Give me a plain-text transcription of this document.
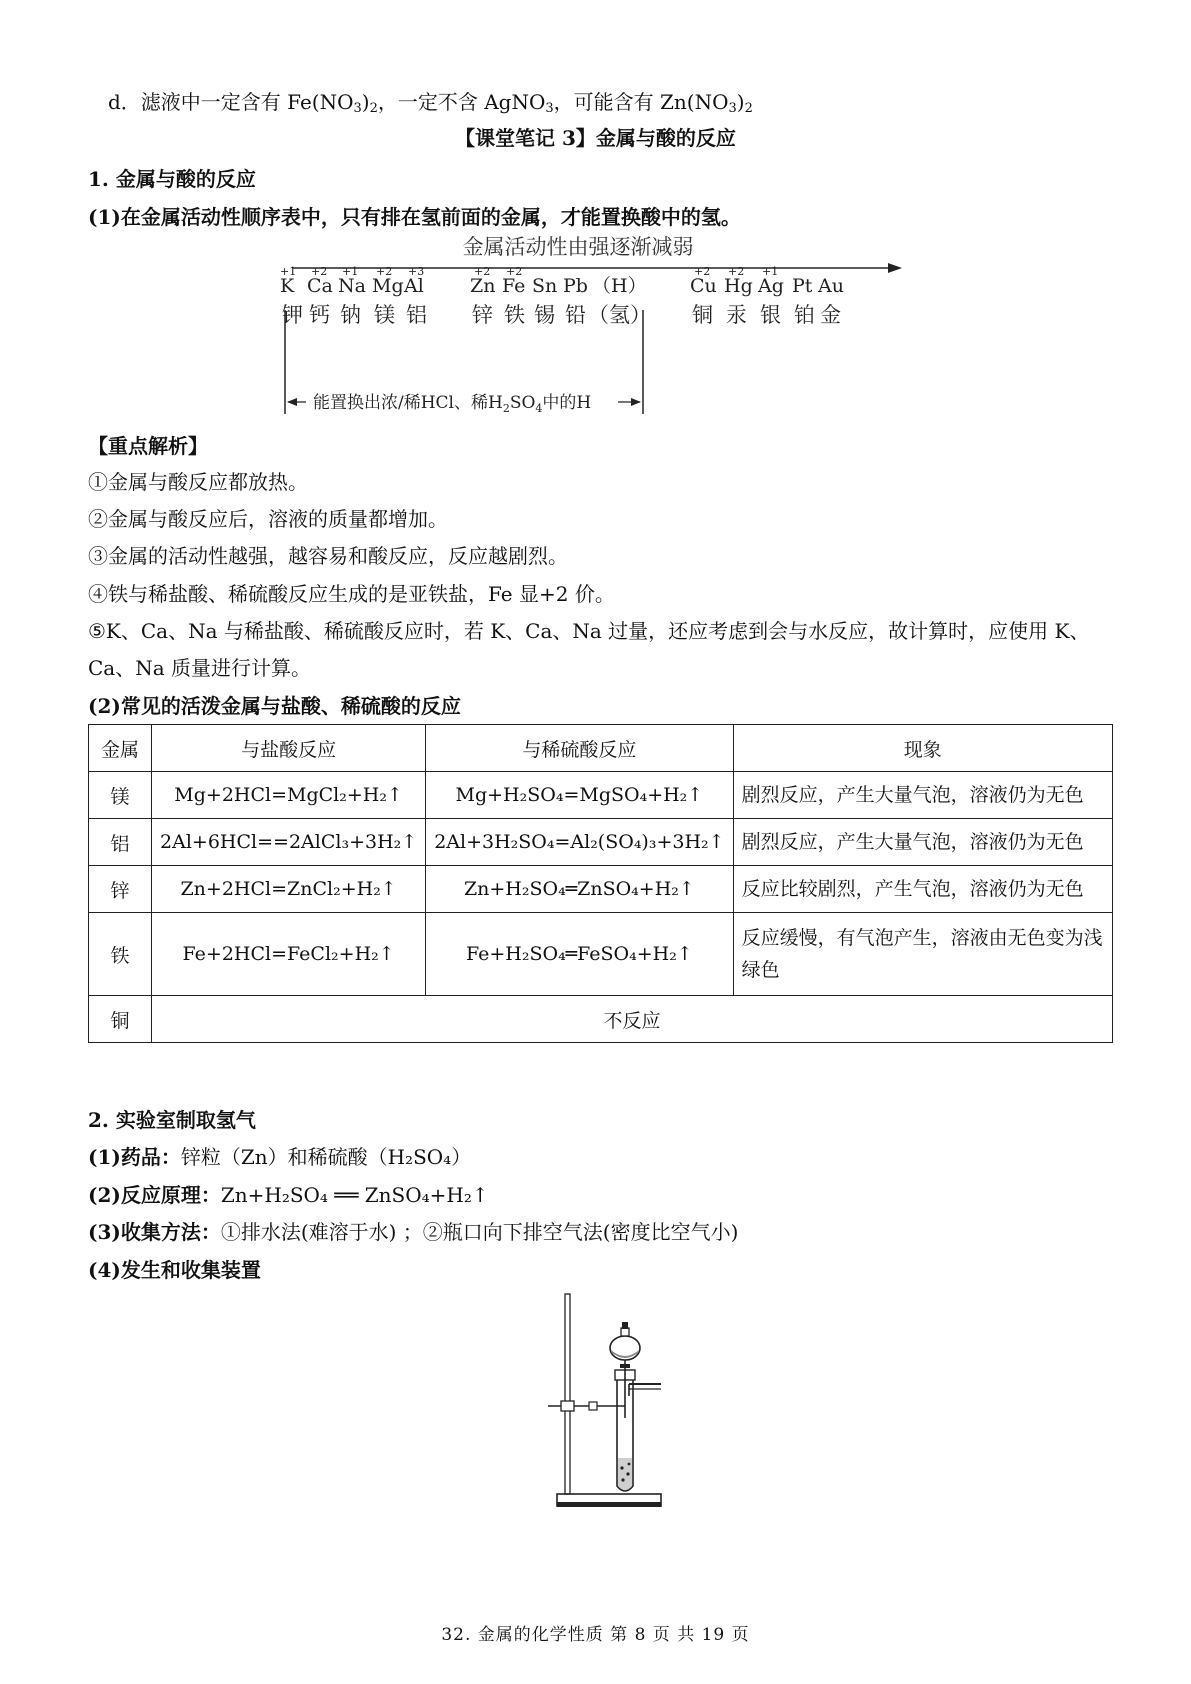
d．滤液中一定含有 $Fe(NO_3)_2$，一定不含 AgNO$_3$，可能含有 $Zn(NO_3)_2$
【课堂笔记 3】金属与酸的反应
1. 金属与酸的反应
(1)在金属活动性顺序表中，只有排在氢前面的金属，才能置换酸中的氢。
金属活动性由强逐渐减弱
+1
K
钾
+2
Ca
钙
+1
Na
钠
+2
Mg
镁
+3
Al
铝
+2
Zn
锌
+2
Fe
铁
Sn
锡
Pb
铅
（H）
（氢）
+2
Cu
铜
+2
Hg
汞
+1
Ag
银
Pt
铂
Au
金
能置换出浓/稀HCl、稀$H_2SO_4$中的H
【重点解析】
①金属与酸反应都放热。
②金属与酸反应后，溶液的质量都增加。
③金属的活动性越强，越容易和酸反应，反应越剧烈。
④铁与稀盐酸、稀硫酸反应生成的是亚铁盐，Fe 显+2 价。
⑤K、Ca、Na 与稀盐酸、稀硫酸反应时，若 K、Ca、Na 过量，还应考虑到会与水反应，故计算时，应使用 K、
Ca、Na 质量进行计算。
(2)常见的活泼金属与盐酸、稀硫酸的反应
金属	与盐酸反应	与稀硫酸反应	现象
镁	Mg+2HCl=MgCl₂+H₂↑	Mg+H₂SO₄=MgSO₄+H₂↑	剧烈反应，产生大量气泡，溶液仍为无色
铝	2Al+6HCl==2AlCl₃+3H₂↑	2Al+3H₂SO₄=Al₂(SO₄)₃+3H₂↑	剧烈反应，产生大量气泡，溶液仍为无色
锌	Zn+2HCl=ZnCl₂+H₂↑	Zn+H₂SO₄═ZnSO₄+H₂↑	反应比较剧烈，产生气泡，溶液仍为无色
铁	Fe+2HCl=FeCl₂+H₂↑	Fe+H₂SO₄═FeSO₄+H₂↑	反应缓慢，有气泡产生，溶液由无色变为浅绿色
铜	不反应		
2. 实验室制取氢气
(1)药品：锌粒（Zn）和稀硫酸（H₂SO₄）
(2)反应原理：Zn+H₂SO₄ ══ ZnSO₄+H₂↑
(3)收集方法：①排水法(难溶于水) ；②瓶口向下排空气法(密度比空气小)
(4)发生和收集装置
32. 金属的化学性质 第 8 页 共 19 页
